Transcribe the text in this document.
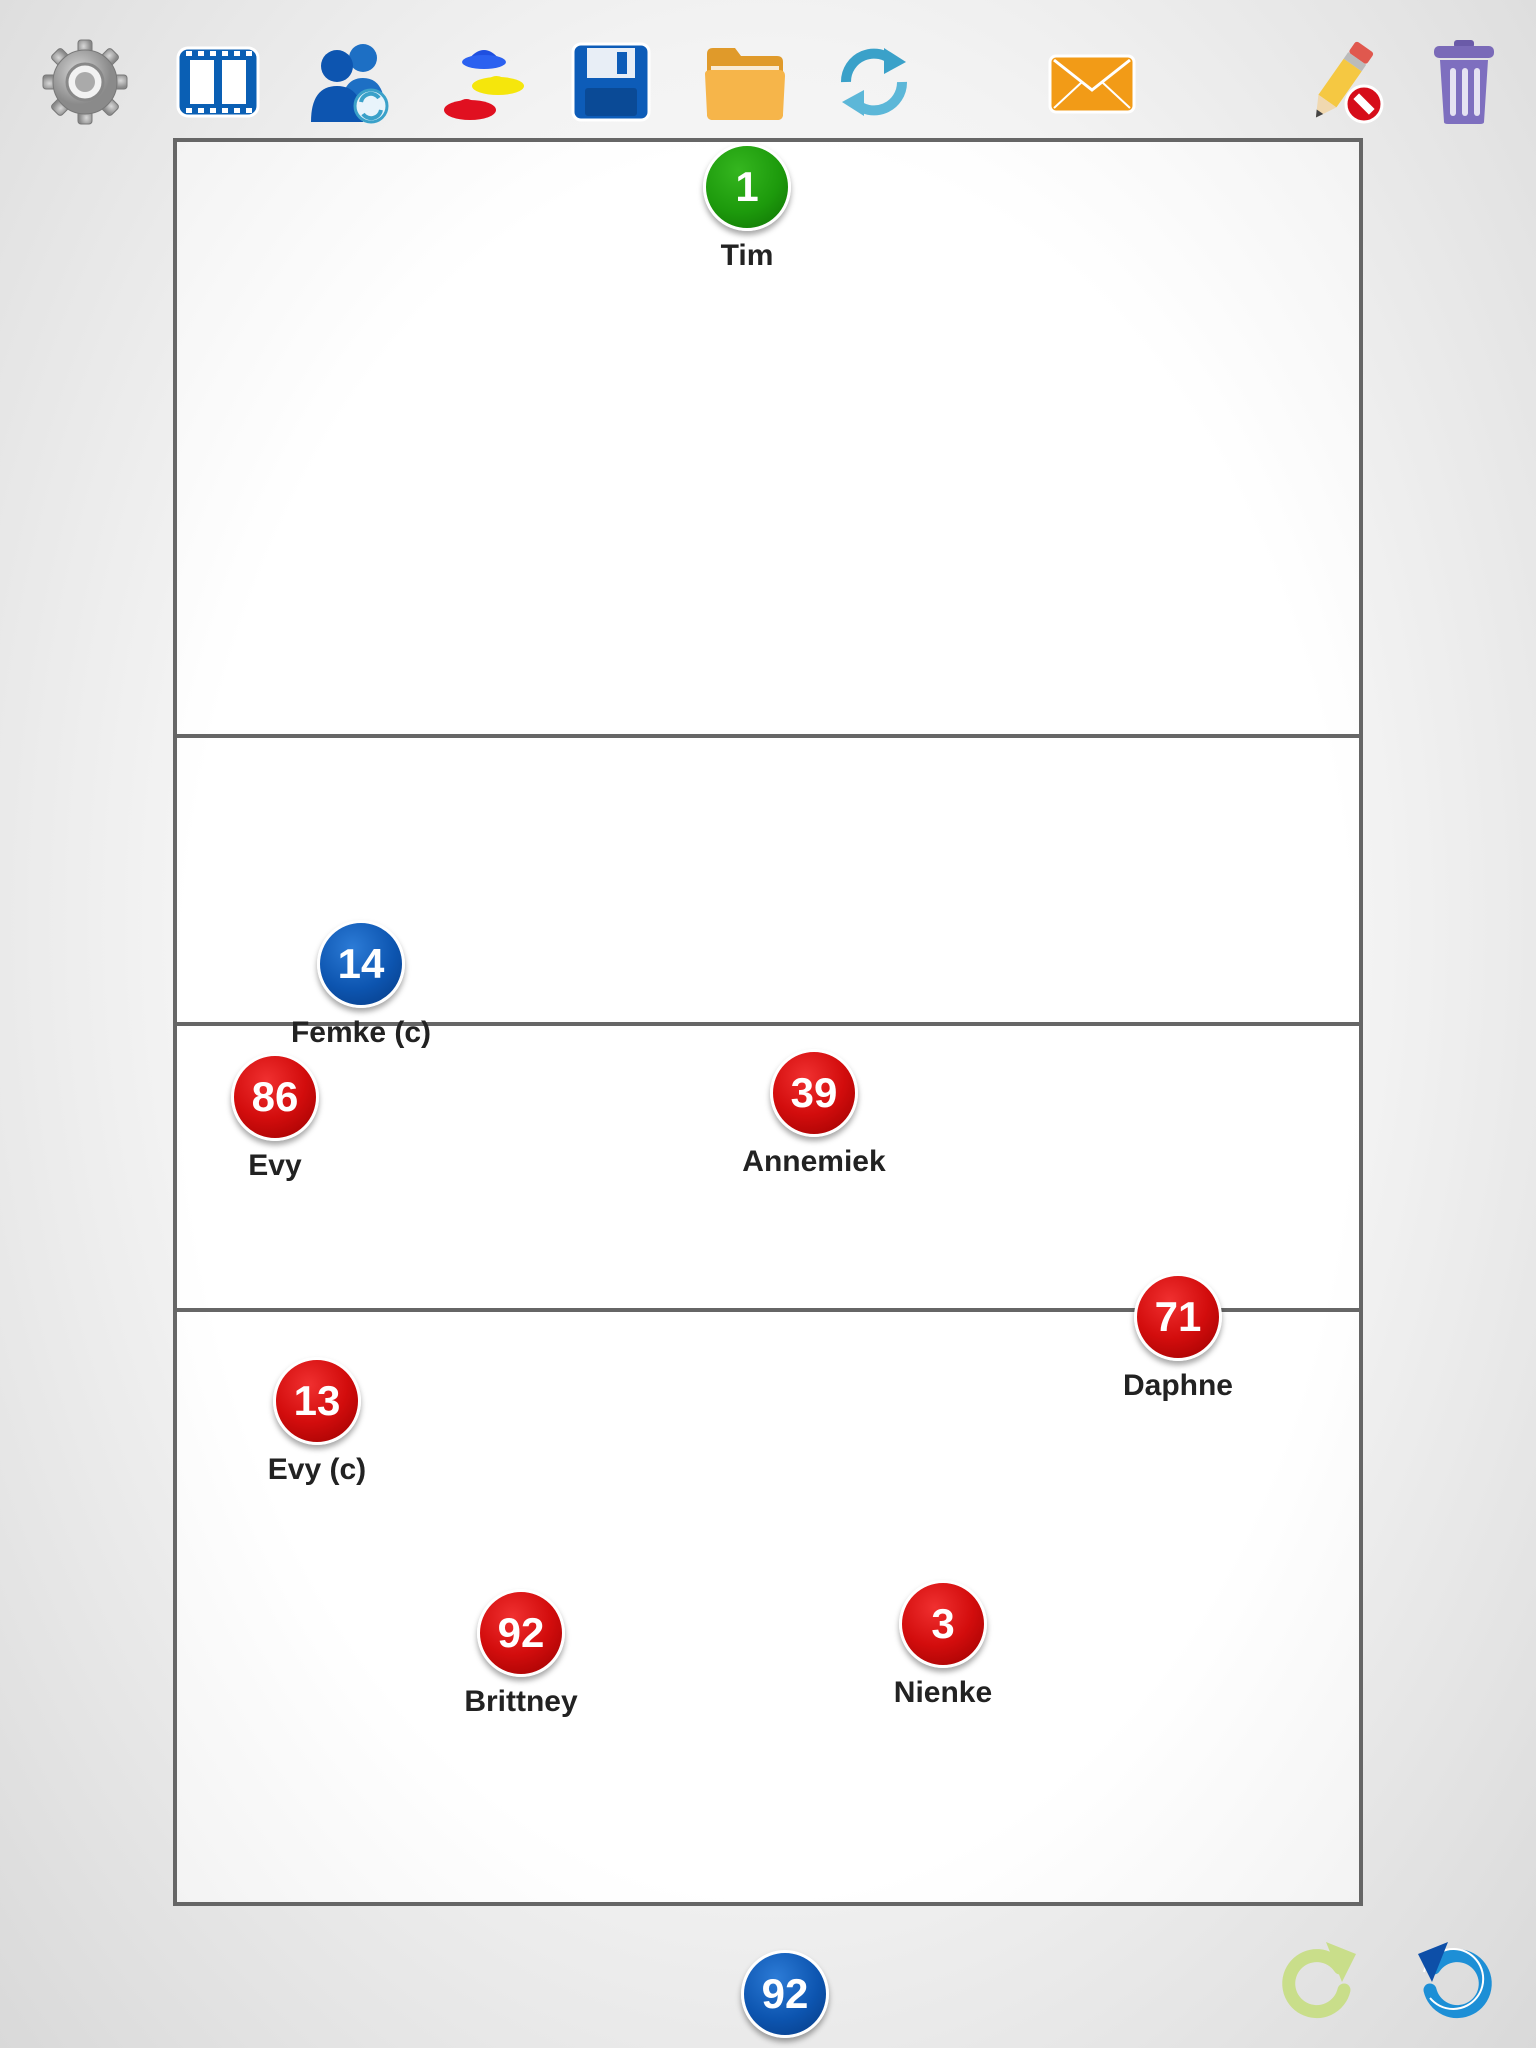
1
Tim
14
Femke (c)
86
Evy
39
Annemiek
71
Daphne
13
Evy (c)
92
Brittney
3
Nienke
92
